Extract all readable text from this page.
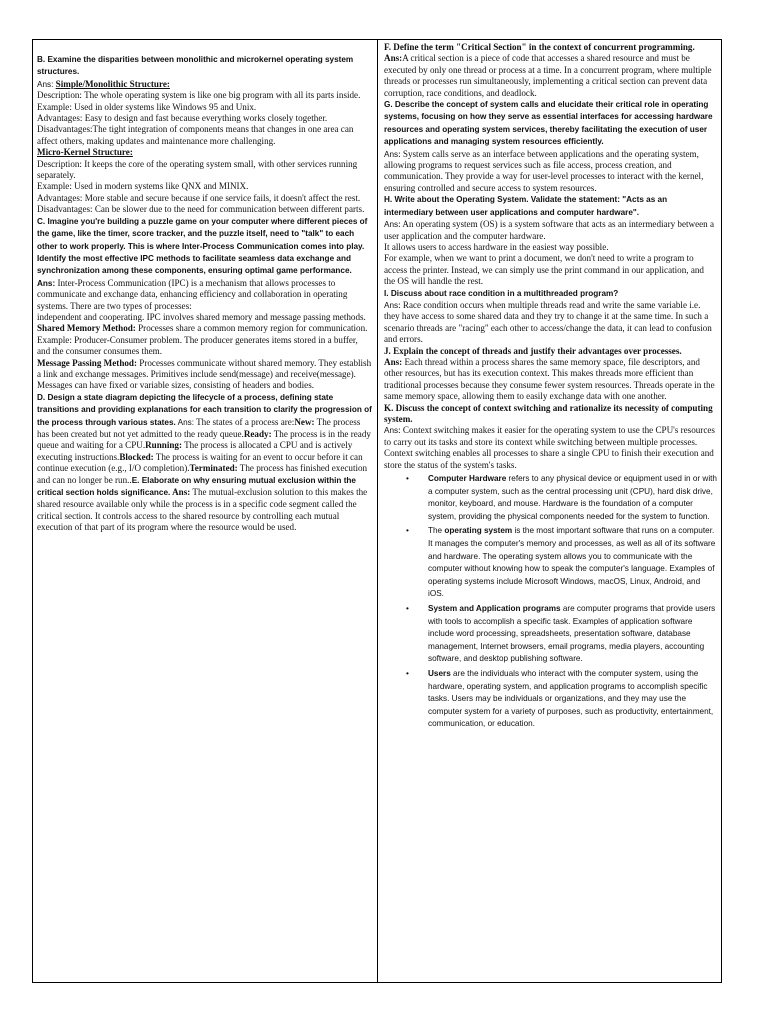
B. Examine the disparities between monolithic and microkernel operating system structures.

Ans: Simple/Monolithic Structure:

Description: The whole operating system is like one big program with all its parts inside.

Example: Used in older systems like Windows 95 and Unix.

Advantages: Easy to design and fast because everything works closely together.

Disadvantages:The tight integration of components means that changes in one area can affect others, making updates and maintenance more challenging.

Micro-Kernel Structure:

Description: It keeps the core of the operating system small, with other services running separately.

Example: Used in modern systems like QNX and MINIX.

Advantages: More stable and secure because if one service fails, it doesn't affect the rest.

Disadvantages: Can be slower due to the need for communication between different parts.

C. Imagine you're building a puzzle game on your computer where different pieces of the game, like the timer, score tracker, and the puzzle itself, need to "talk" to each other to work properly. This is where Inter-Process Communication comes into play. Identify the most effective IPC methods to facilitate seamless data exchange and synchronization among these components, ensuring optimal game performance.

Ans: Inter-Process Communication (IPC) is a mechanism that allows processes to communicate and exchange data, enhancing efficiency and collaboration in operating systems. There are two types of processes:

independent and cooperating. IPC involves shared memory and message passing methods.

Shared Memory Method: Processes share a common memory region for communication.

Example: Producer-Consumer problem. The producer generates items stored in a buffer, and the consumer consumes them.

Message Passing Method: Processes communicate without shared memory. They establish a link and exchange messages. Primitives include send(message) and receive(message). Messages can have fixed or variable sizes, consisting of headers and bodies.

D. Design a state diagram depicting the lifecycle of a process, defining state transitions and providing explanations for each transition to clarify the progression of the process through various states. Ans: The states of a process are:New: The process has been created but not yet admitted to the ready queue.Ready: The process is in the ready queue and waiting for a CPU.Running: The process is allocated a CPU and is actively executing instructions.Blocked: The process is waiting for an event to occur before it can continue execution (e.g., I/O completion).Terminated: The process has finished execution and can no longer be run..E. Elaborate on why ensuring mutual exclusion within the critical section holds significance. Ans: The mutual-exclusion solution to this makes the shared resource available only while the process is in a specific code segment called the critical section. It controls access to the shared resource by controlling each mutual execution of that part of its program where the resource would be used.

F. Define the term "Critical Section" in the context of concurrent programming.

Ans:A critical section is a piece of code that accesses a shared resource and must be executed by only one thread or process at a time. In a concurrent program, where multiple threads or processes run simultaneously, implementing a critical section can prevent data corruption, race conditions, and deadlock.

G. Describe the concept of system calls and elucidate their critical role in operating systems, focusing on how they serve as essential interfaces for accessing hardware resources and operating system services, thereby facilitating the execution of user applications and managing system resources efficiently.

Ans: System calls serve as an interface between applications and the operating system, allowing programs to request services such as file access, process creation, and communication. They provide a way for user-level processes to interact with the kernel, ensuring controlled and secure access to system resources.

H. Write about the Operating System. Validate the statement: "Acts as an intermediary between user applications and computer hardware".

Ans: An operating system (OS) is a system software that acts as an intermediary between a user application and the computer hardware.

It allows users to access hardware in the easiest way possible.

For example, when we want to print a document, we don't need to write a program to access the printer. Instead, we can simply use the print command in our application, and the OS will handle the rest.

I. Discuss about race condition in a multithreaded program?

Ans: Race condition occurs when multiple threads read and write the same variable i.e. they have access to some shared data and they try to change it at the same time. In such a scenario threads are "racing" each other to access/change the data, it can lead to confusion and errors.

J. Explain the concept of threads and justify their advantages over processes.

Ans: Each thread within a process shares the same memory space, file descriptors, and other resources, but has its execution context. This makes threads more efficient than traditional processes because they consume fewer system resources. Threads operate in the same memory space, allowing them to easily exchange data with one another.

K. Discuss the concept of context switching and rationalize its necessity of computing system.

Ans: Context switching makes it easier for the operating system to use the CPU's resources to carry out its tasks and store its context while switching between multiple processes. Context switching enables all processes to share a single CPU to finish their execution and store the status of the system's tasks.

• Computer Hardware refers to any physical device or equipment used in or with a computer system, such as the central processing unit (CPU), hard disk drive, monitor, keyboard, and mouse. Hardware is the foundation of a computer system, providing the physical components needed for the system to function.
• The operating system is the most important software that runs on a computer. It manages the computer's memory and processes, as well as all of its software and hardware. The operating system allows you to communicate with the computer without knowing how to speak the computer's language. Examples of operating systems include Microsoft Windows, macOS, Linux, Android, and iOS.
• System and Application programs are computer programs that provide users with tools to accomplish a specific task. Examples of application software include word processing, spreadsheets, presentation software, database management, Internet browsers, email programs, media players, accounting software, and desktop publishing software.
• Users are the individuals who interact with the computer system, using the hardware, operating system, and application programs to accomplish specific tasks. Users may be individuals or organizations, and they may use the computer system for a variety of purposes, such as productivity, entertainment, communication, or education.
